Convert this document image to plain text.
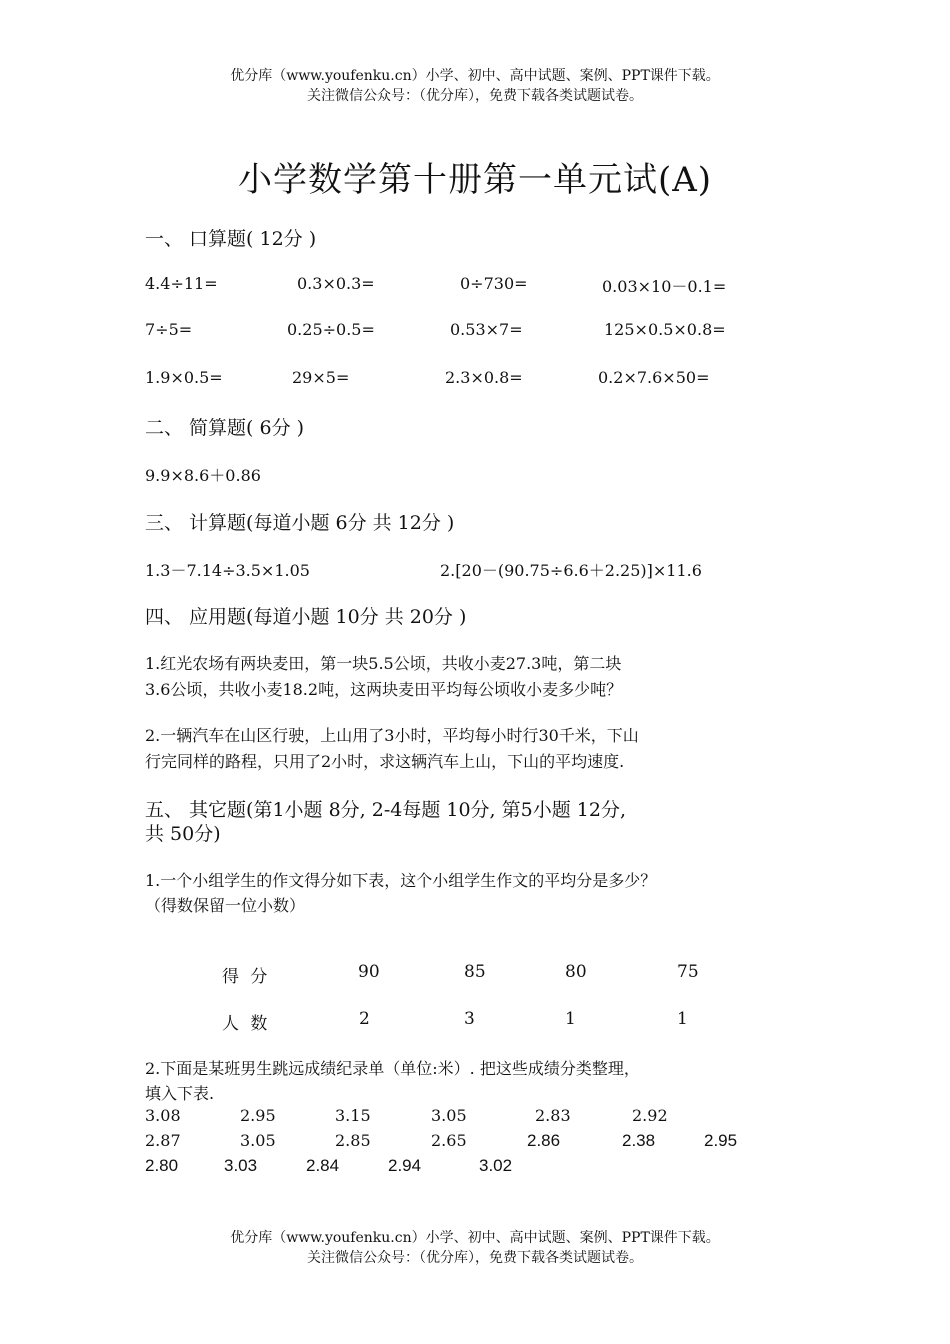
优分库（www.youfenku.cn）小学、初中、高中试题、案例、PPT课件下载。
关注微信公众号：（优分库），免费下载各类试题试卷。
小学数学第十册第一单元试(A)
一、 口算题( 12分 )
4.4÷11=	0.3×0.3=	0÷730=	0.03×10－0.1=
7÷5=	0.25÷0.5=	0.53×7=	125×0.5×0.8=
1.9×0.5=	29×5=	2.3×0.8=	0.2×7.6×50=
二、 简算题( 6分 )
9.9×8.6＋0.86
三、 计算题(每道小题 6分 共 12分 )
1.3－7.14÷3.5×1.05	2.[20－(90.75÷6.6＋2.25)]×11.6
四、 应用题(每道小题 10分 共 20分 )
1.红光农场有两块麦田，第一块5.5公顷，共收小麦27.3吨，第二块
3.6公顷，共收小麦18.2吨，这两块麦田平均每公顷收小麦多少吨？
2.一辆汽车在山区行驶，上山用了3小时，平均每小时行30千米，下山
行完同样的路程，只用了2小时，求这辆汽车上山，下山的平均速度.
五、 其它题(第1小题 8分, 2-4每题 10分, 第5小题 12分,
共 50分)
1.一个小组学生的作文得分如下表，这个小组学生作文的平均分是多少？
（得数保留一位小数）
得 分	90	85	80	75
人 数	2	3	1	1
2.下面是某班男生跳远成绩纪录单（单位:米）. 把这些成绩分类整理，
填入下表.
3.08	2.95	3.15	3.05	2.83	2.92
2.87	3.05	2.85	2.65	2.86	2.38	2.95
2.80	3.03	2.84	2.94	3.02
优分库（www.youfenku.cn）小学、初中、高中试题、案例、PPT课件下载。
关注微信公众号：（优分库），免费下载各类试题试卷。
